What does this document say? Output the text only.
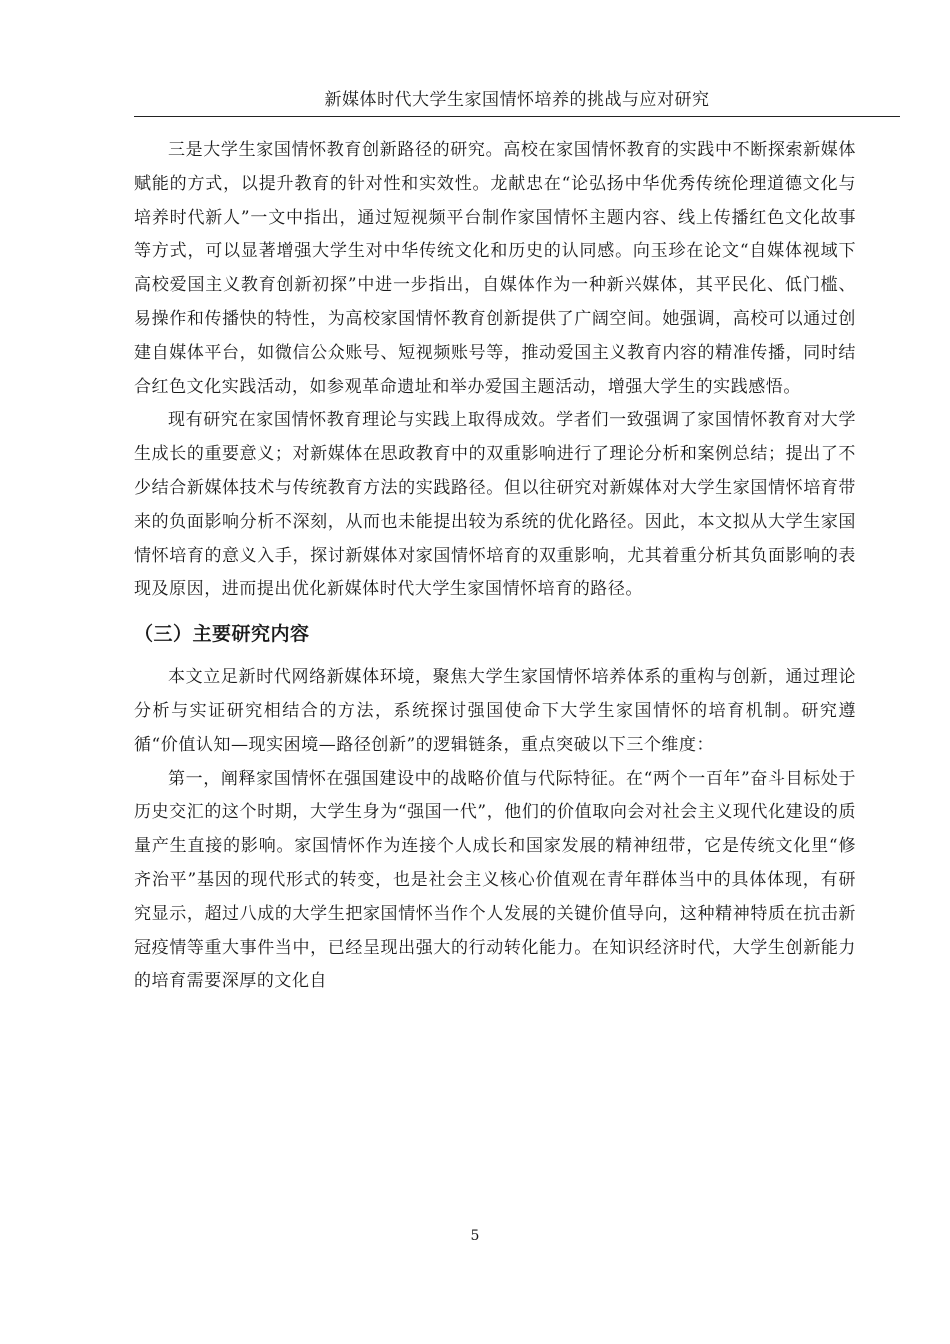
新媒体时代大学生家国情怀培养的挑战与应对研究

三是大学生家国情怀教育创新路径的研究。高校在家国情怀教育的实践中不断探索新媒体赋能的方式，以提升教育的针对性和实效性。龙献忠在“论弘扬中华优秀传统伦理道德文化与培养时代新人”一文中指出，通过短视频平台制作家国情怀主题内容、线上传播红色文化故事等方式，可以显著增强大学生对中华传统文化和历史的认同感。向玉珍在论文“自媒体视域下高校爱国主义教育创新初探”中进一步指出，自媒体作为一种新兴媒体，其平民化、低门槛、易操作和传播快的特性，为高校家国情怀教育创新提供了广阔空间。她强调，高校可以通过创建自媒体平台，如微信公众账号、短视频账号等，推动爱国主义教育内容的精准传播，同时结合红色文化实践活动，如参观革命遗址和举办爱国主题活动，增强大学生的实践感悟。

现有研究在家国情怀教育理论与实践上取得成效。学者们一致强调了家国情怀教育对大学生成长的重要意义；对新媒体在思政教育中的双重影响进行了理论分析和案例总结；提出了不少结合新媒体技术与传统教育方法的实践路径。但以往研究对新媒体对大学生家国情怀培育带来的负面影响分析不深刻，从而也未能提出较为系统的优化路径。因此，本文拟从大学生家国情怀培育的意义入手，探讨新媒体对家国情怀培育的双重影响，尤其着重分析其负面影响的表现及原因，进而提出优化新媒体时代大学生家国情怀培育的路径。

（三）主要研究内容

本文立足新时代网络新媒体环境，聚焦大学生家国情怀培养体系的重构与创新，通过理论分析与实证研究相结合的方法，系统探讨强国使命下大学生家国情怀的培育机制。研究遵循“价值认知—现实困境—路径创新”的逻辑链条，重点突破以下三个维度：

第一，阐释家国情怀在强国建设中的战略价值与代际特征。在“两个一百年”奋斗目标处于历史交汇的这个时期，大学生身为“强国一代”，他们的价值取向会对社会主义现代化建设的质量产生直接的影响。家国情怀作为连接个人成长和国家发展的精神纽带，它是传统文化里“修齐治平”基因的现代形式的转变，也是社会主义核心价值观在青年群体当中的具体体现，有研究显示，超过八成的大学生把家国情怀当作个人发展的关键价值导向，这种精神特质在抗击新冠疫情等重大事件当中，已经呈现出强大的行动转化能力。在知识经济时代，大学生创新能力的培育需要深厚的文化自

5
